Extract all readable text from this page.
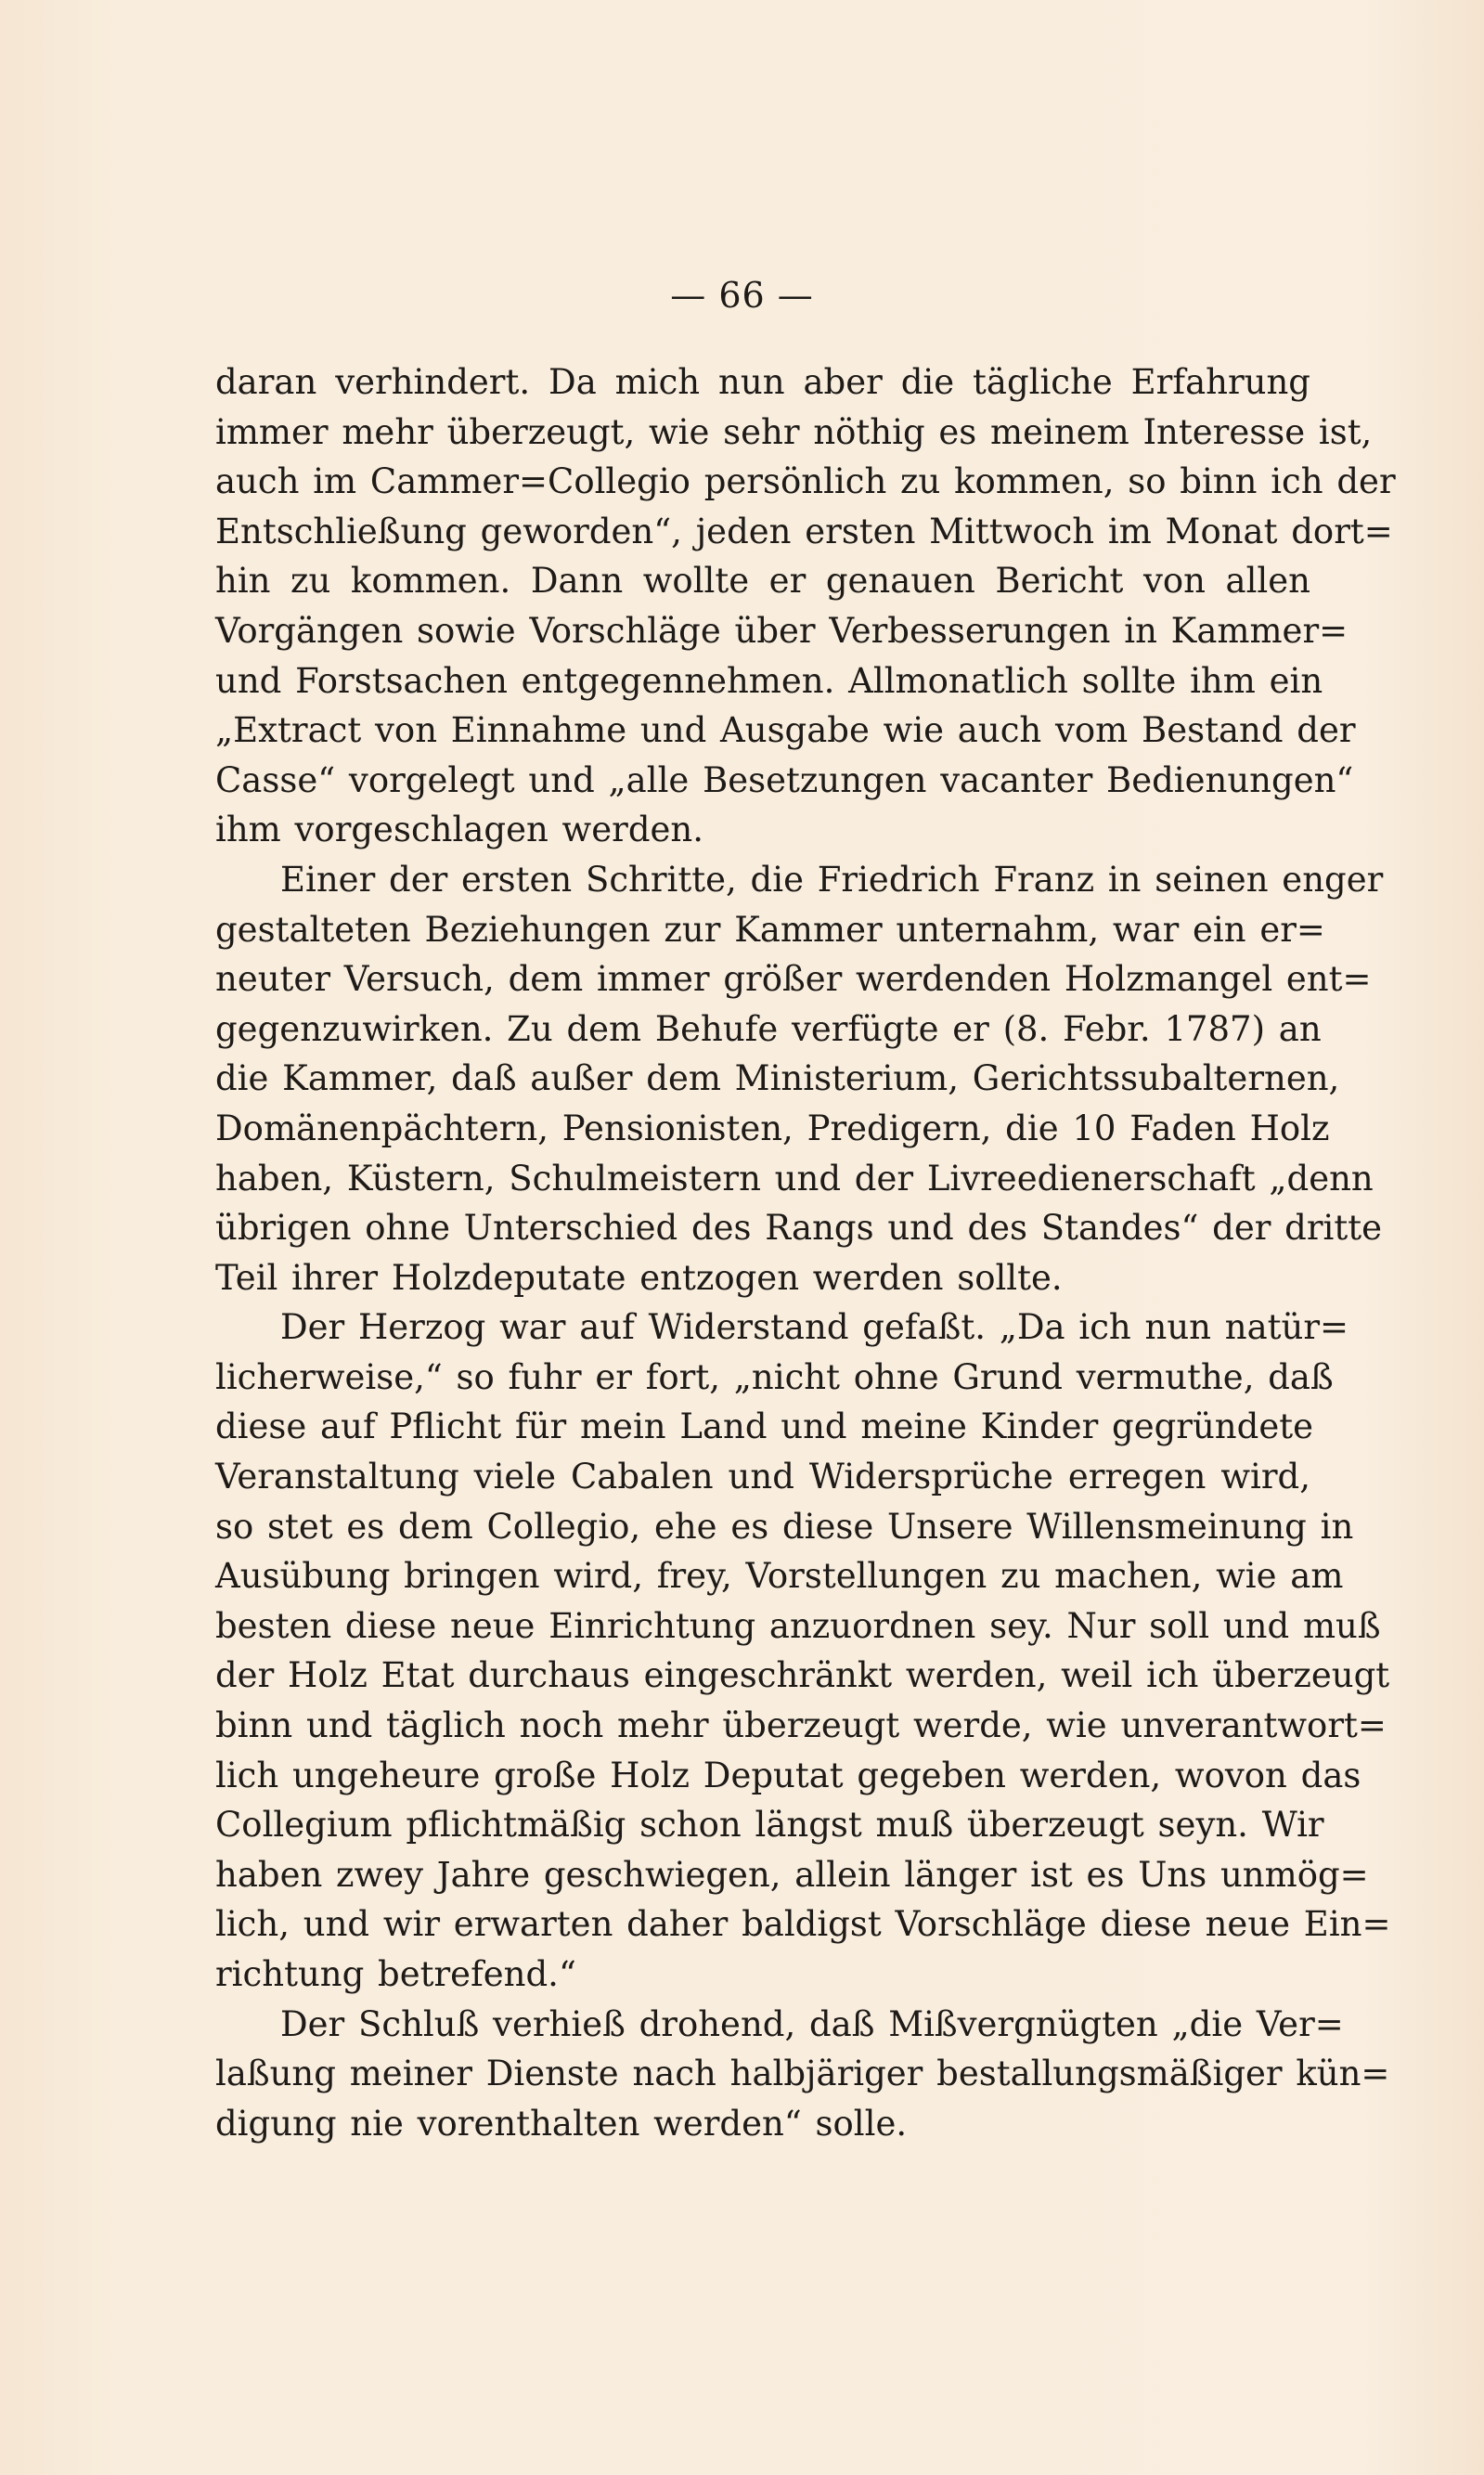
— 66 —
daran verhindert. Da mich nun aber die tägliche Erfahrung
immer mehr überzeugt, wie sehr nöthig es meinem Interesse ist,
auch im Cammer=Collegio persönlich zu kommen, so binn ich der
Entschließung geworden“, jeden ersten Mittwoch im Monat dort=
hin zu kommen. Dann wollte er genauen Bericht von allen
Vorgängen sowie Vorschläge über Verbesserungen in Kammer=
und Forstsachen entgegennehmen. Allmonatlich sollte ihm ein
„Extract von Einnahme und Ausgabe wie auch vom Bestand der
Casse“ vorgelegt und „alle Besetzungen vacanter Bedienungen“
ihm vorgeschlagen werden.
Einer der ersten Schritte, die Friedrich Franz in seinen enger
gestalteten Beziehungen zur Kammer unternahm, war ein er=
neuter Versuch, dem immer größer werdenden Holzmangel ent=
gegenzuwirken. Zu dem Behufe verfügte er (8. Febr. 1787) an
die Kammer, daß außer dem Ministerium, Gerichtssubalternen,
Domänenpächtern, Pensionisten, Predigern, die 10 Faden Holz
haben, Küstern, Schulmeistern und der Livreedienerschaft „denn
übrigen ohne Unterschied des Rangs und des Standes“ der dritte
Teil ihrer Holzdeputate entzogen werden sollte.
Der Herzog war auf Widerstand gefaßt. „Da ich nun natür=
licherweise,“ so fuhr er fort, „nicht ohne Grund vermuthe, daß
diese auf Pflicht für mein Land und meine Kinder gegründete
Veranstaltung viele Cabalen und Widersprüche erregen wird,
so stet es dem Collegio, ehe es diese Unsere Willensmeinung in
Ausübung bringen wird, frey, Vorstellungen zu machen, wie am
besten diese neue Einrichtung anzuordnen sey. Nur soll und muß
der Holz Etat durchaus eingeschränkt werden, weil ich überzeugt
binn und täglich noch mehr überzeugt werde, wie unverantwort=
lich ungeheure große Holz Deputat gegeben werden, wovon das
Collegium pflichtmäßig schon längst muß überzeugt seyn. Wir
haben zwey Jahre geschwiegen, allein länger ist es Uns unmög=
lich, und wir erwarten daher baldigst Vorschläge diese neue Ein=
richtung betrefend.“
Der Schluß verhieß drohend, daß Mißvergnügten „die Ver=
laßung meiner Dienste nach halbjäriger bestallungsmäßiger kün=
digung nie vorenthalten werden“ solle.
